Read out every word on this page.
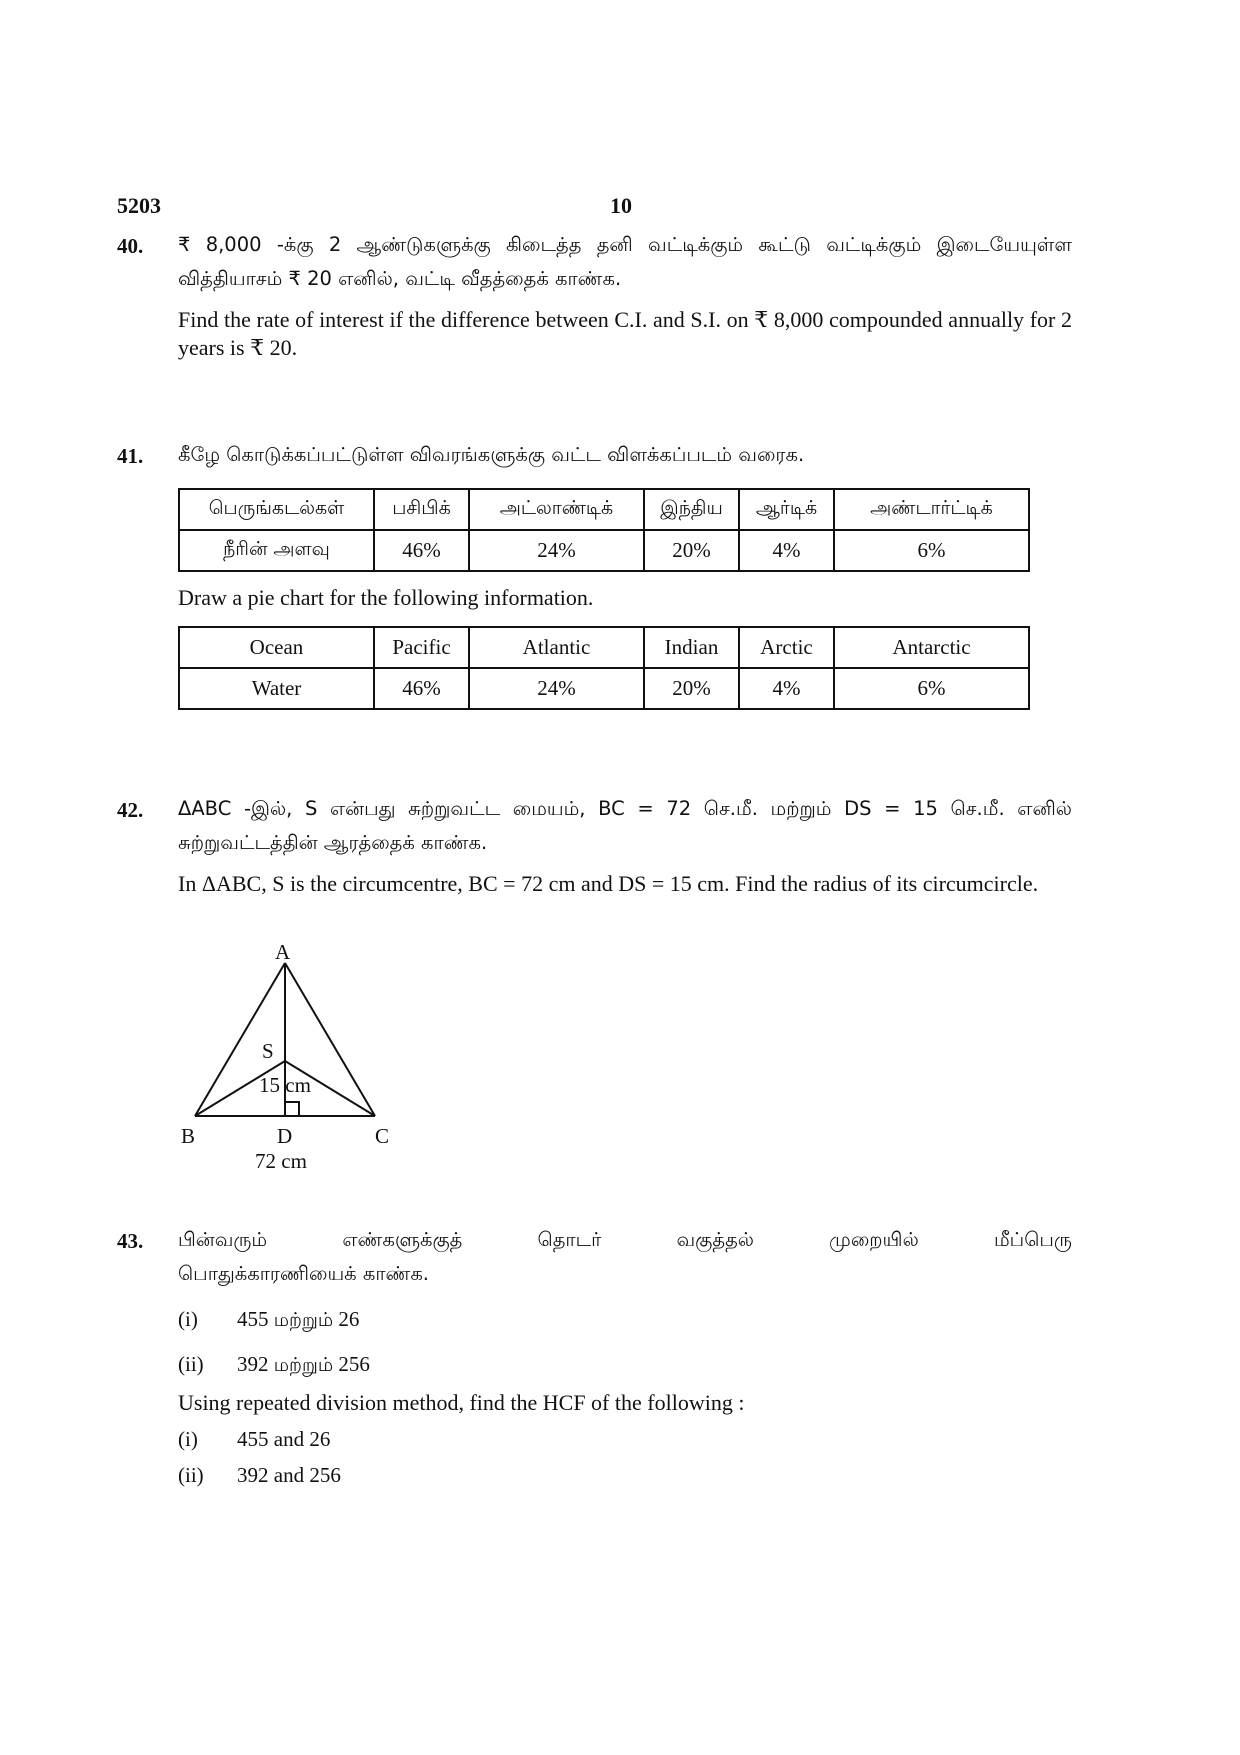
5203	10
40. ₹ 8,000 -க்கு 2 ஆண்டுகளுக்கு கிடைத்த தனி வட்டிக்கும் கூட்டு வட்டிக்கும் இடையேயுள்ள வித்தியாசம் ₹ 20 எனில், வட்டி வீதத்தைக் காண்க.
Find the rate of interest if the difference between C.I. and S.I. on ₹ 8,000 compounded annually for 2 years is ₹ 20.
41. கீழே கொடுக்கப்பட்டுள்ள விவரங்களுக்கு வட்ட விளக்கப்படம் வரைக.
பெருங்கடல்கள்	பசிபிக்	அட்லாண்டிக்	இந்திய	ஆர்டிக்	அண்டார்ட்டிக்
நீரின் அளவு	46%	24%	20%	4%	6%
Draw a pie chart for the following information.
Ocean	Pacific	Atlantic	Indian	Arctic	Antarctic
Water	46%	24%	20%	4%	6%
42. ΔABC -இல், S என்பது சுற்றுவட்ட மையம், BC = 72 செ.மீ. மற்றும் DS = 15 செ.மீ. எனில் சுற்றுவட்டத்தின் ஆரத்தைக் காண்க.
In ΔABC, S is the circumcentre, BC = 72 cm and DS = 15 cm. Find the radius of its circumcircle.
A
S
15 cm
B	D	C
72 cm
43. பின்வரும்	எண்களுக்குத்	தொடர்	வகுத்தல்	முறையில்	மீப்பெரு
பொதுக்காரணியைக் காண்க.
(i)	455 மற்றும் 26
(ii)	392 மற்றும் 256
Using repeated division method, find the HCF of the following :
(i)	455 and 26
(ii)	392 and 256
